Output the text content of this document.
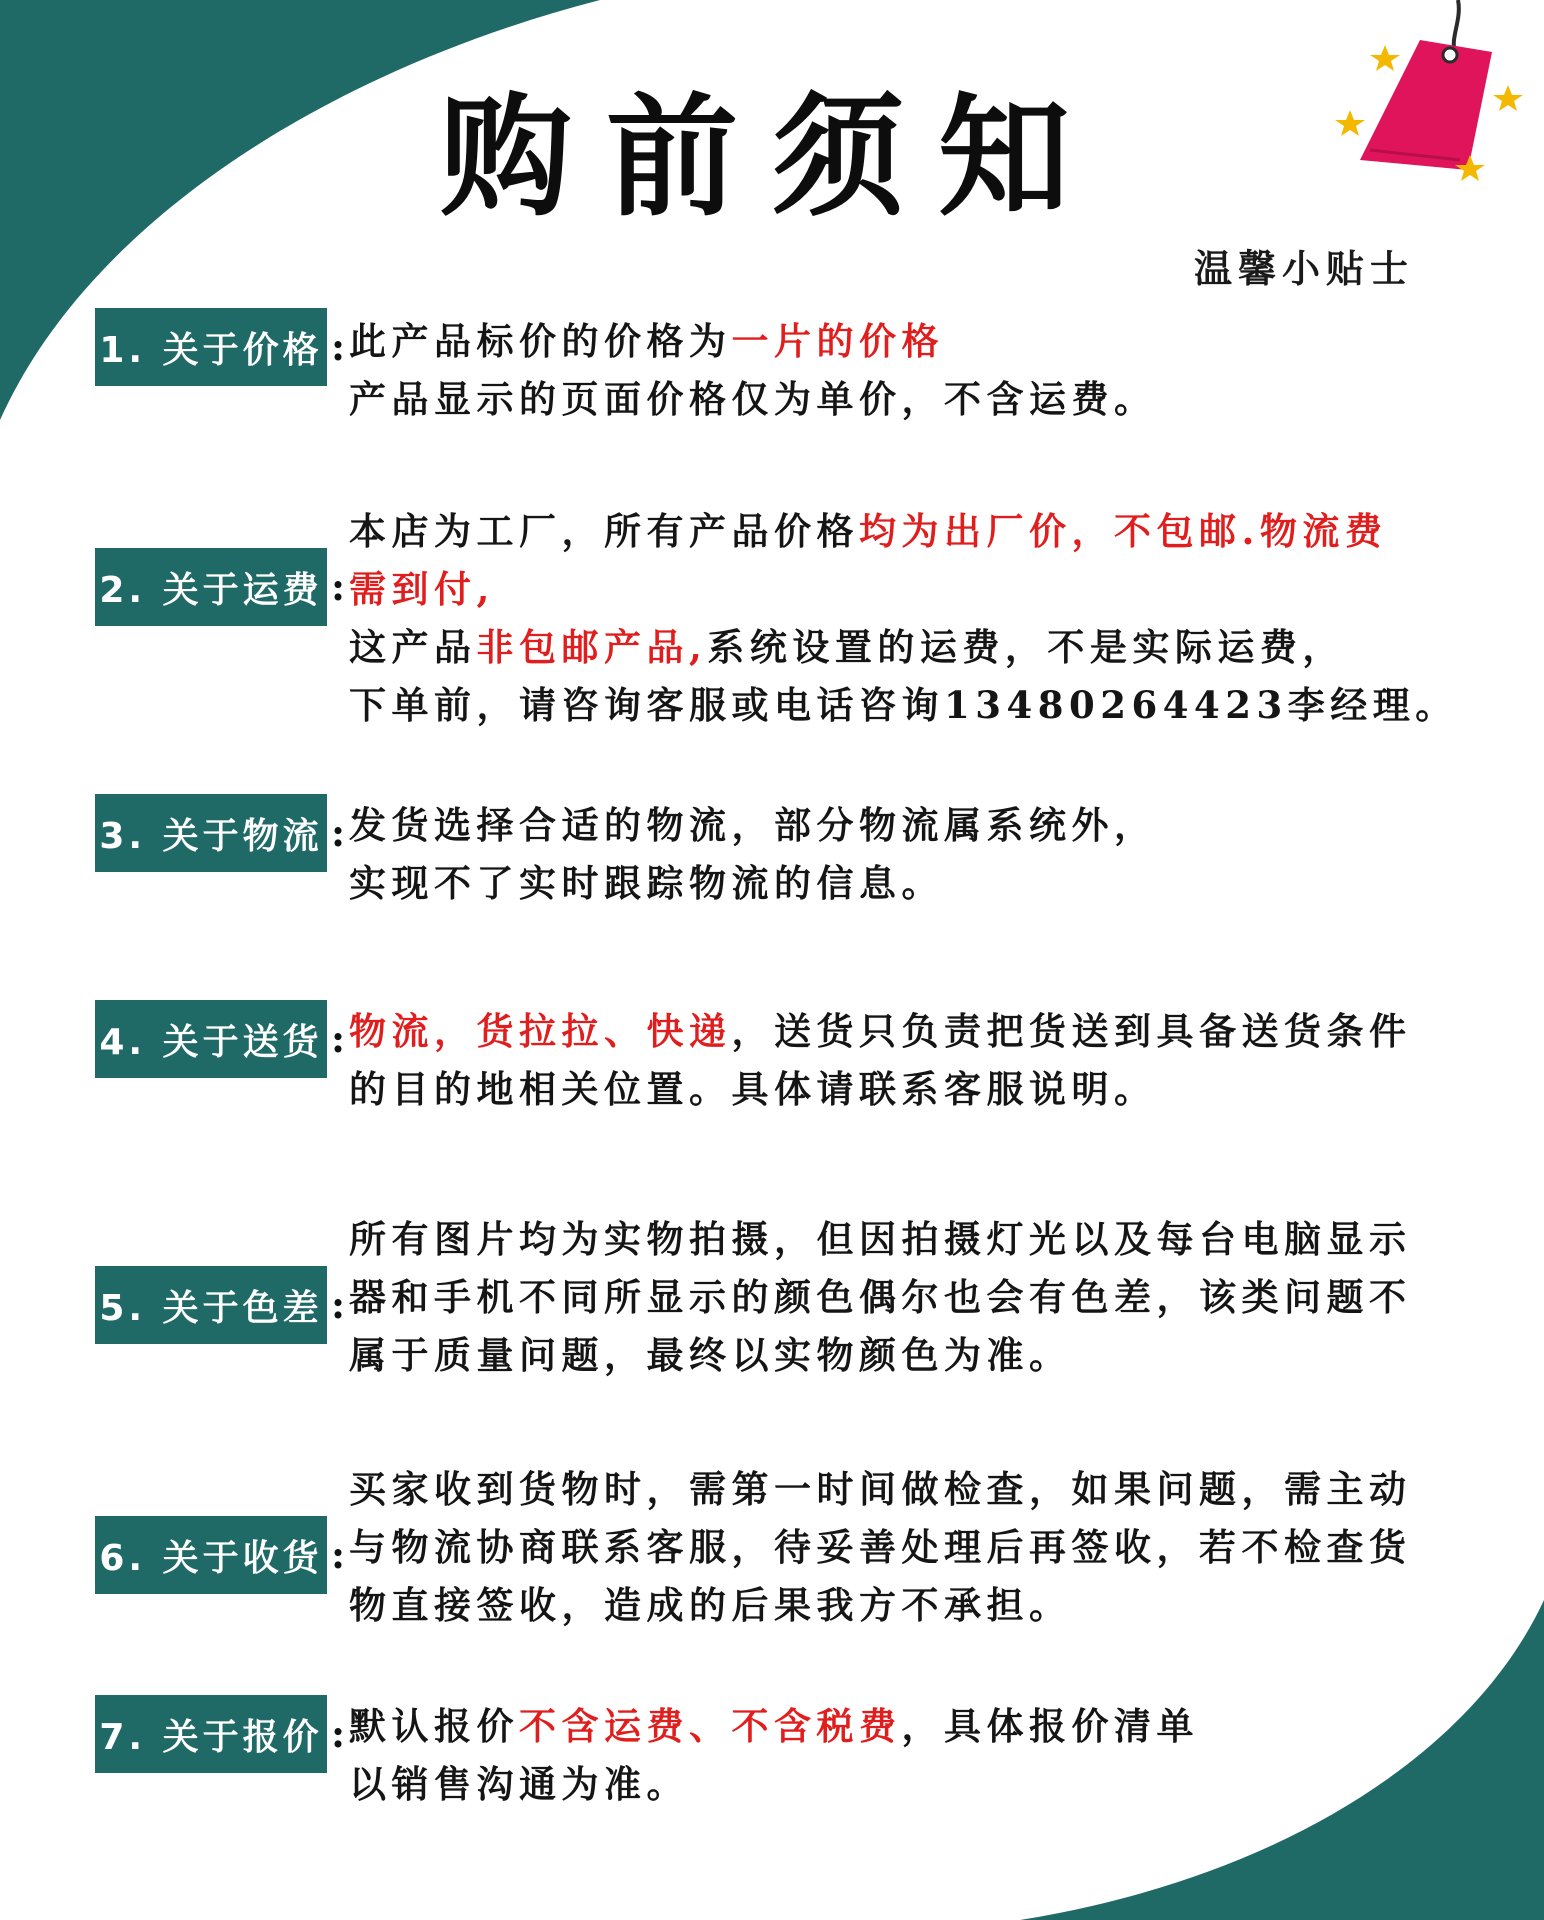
购前须知
温馨小贴士
1. 关于价格 : 此产品标价的价格为一片的价格
产品显示的页面价格仅为单价，不含运费。
2. 关于运费 :
本店为工厂，所有产品价格均为出厂价，不包邮.物流费
需到付,
这产品非包邮产品,系统设置的运费，不是实际运费，
下单前，请咨询客服或电话咨询13480264423李经理。
3. 关于物流 : 发货选择合适的物流，部分物流属系统外，
实现不了实时跟踪物流的信息。
4. 关于送货 : 物流，货拉拉、快递，送货只负责把货送到具备送货条件
的目的地相关位置。具体请联系客服说明。
5. 关于色差 :
所有图片均为实物拍摄，但因拍摄灯光以及每台电脑显示
器和手机不同所显示的颜色偶尔也会有色差，该类问题不
属于质量问题，最终以实物颜色为准。
6. 关于收货 :
买家收到货物时，需第一时间做检查，如果问题，需主动
与物流协商联系客服，待妥善处理后再签收，若不检查货
物直接签收，造成的后果我方不承担。
7. 关于报价 : 默认报价不含运费、不含税费，具体报价清单
以销售沟通为准。
